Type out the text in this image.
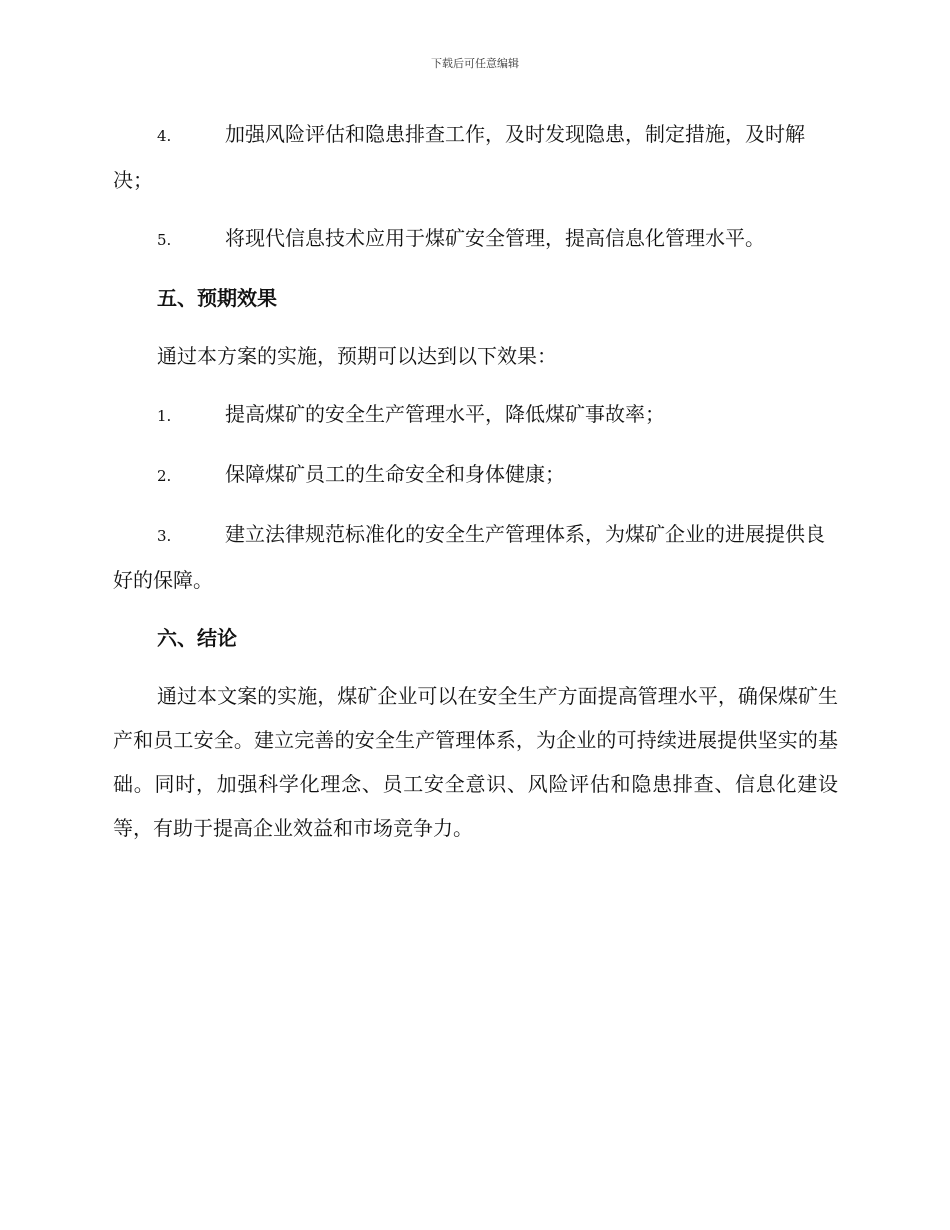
下载后可任意编辑

4.	加强风险评估和隐患排查工作，及时发现隐患，制定措施，及时解决；

5.	将现代信息技术应用于煤矿安全管理，提高信息化管理水平。

五、预期效果

通过本方案的实施，预期可以达到以下效果：

1.	提高煤矿的安全生产管理水平，降低煤矿事故率；

2.	保障煤矿员工的生命安全和身体健康；

3.	建立法律规范标准化的安全生产管理体系，为煤矿企业的进展提供良好的保障。

六、结论

通过本文案的实施，煤矿企业可以在安全生产方面提高管理水平，确保煤矿生产和员工安全。建立完善的安全生产管理体系，为企业的可持续进展提供坚实的基础。同时，加强科学化理念、员工安全意识、风险评估和隐患排查、信息化建设等，有助于提高企业效益和市场竞争力。
